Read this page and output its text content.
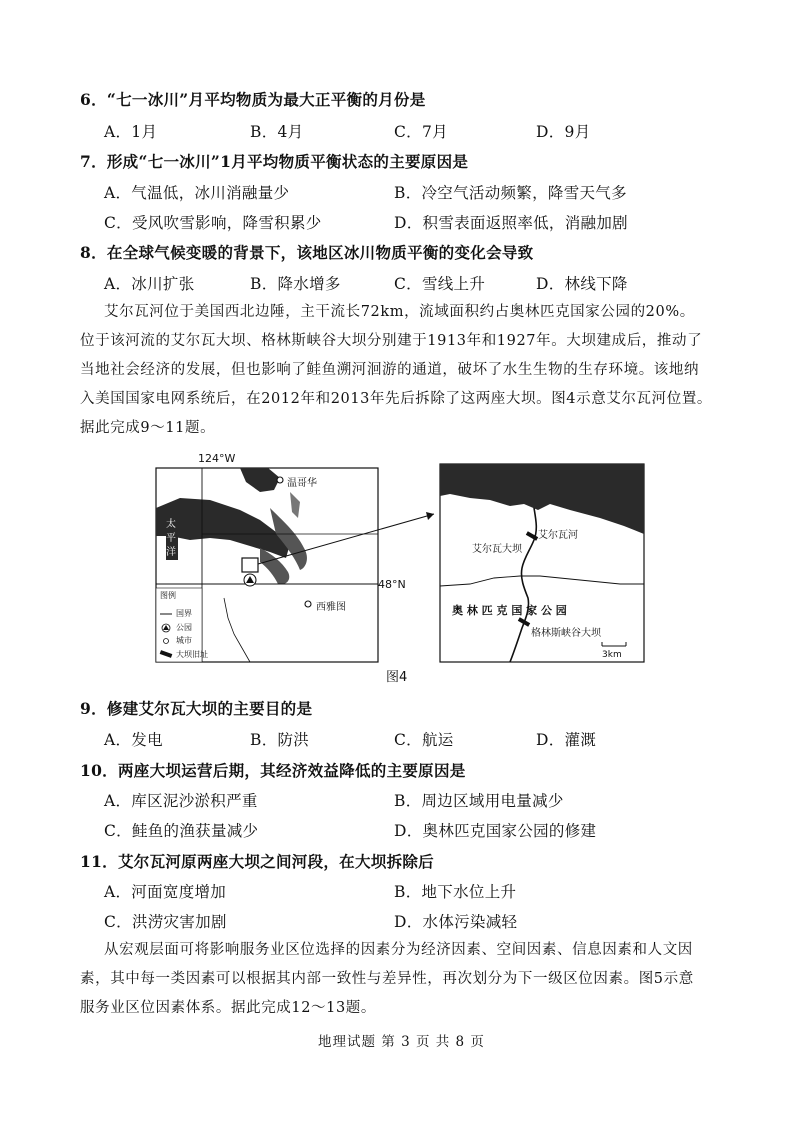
6．“七一冰川”月平均物质为最大正平衡的月份是
A．1月	B．4月	C．7月	D．9月
7．形成“七一冰川”1月平均物质平衡状态的主要原因是
A．气温低，冰川消融量少	B．冷空气活动频繁，降雪天气多
C．受风吹雪影响，降雪积累少	D．积雪表面返照率低，消融加剧
8．在全球气候变暖的背景下，该地区冰川物质平衡的变化会导致
A．冰川扩张	B．降水增多	C．雪线上升	D．林线下降
艾尔瓦河位于美国西北边陲，主干流长72km，流域面积约占奥林匹克国家公园的20%。
位于该河流的艾尔瓦大坝、格林斯峡谷大坝分别建于1913年和1927年。大坝建成后，推动了
当地社会经济的发展，但也影响了鲑鱼溯河洄游的通道，破坏了水生生物的生存环境。该地纳
入美国国家电网系统后，在2012年和2013年先后拆除了这两座大坝。图4示意艾尔瓦河位置。
据此完成9～11题。
124°W
48°N
温哥华
西雅图
太
平
洋
图例
国界
公园
城市
大坝旧址
艾尔瓦河
艾尔瓦大坝
奥 林 匹 克 国 家 公 园
格林斯峡谷大坝
3km
图4
9．修建艾尔瓦大坝的主要目的是
A．发电	B．防洪	C．航运	D．灌溉
10．两座大坝运营后期，其经济效益降低的主要原因是
A．库区泥沙淤积严重	B．周边区域用电量减少
C．鲑鱼的渔获量减少	D．奥林匹克国家公园的修建
11．艾尔瓦河原两座大坝之间河段，在大坝拆除后
A．河面宽度增加	B．地下水位上升
C．洪涝灾害加剧	D．水体污染减轻
从宏观层面可将影响服务业区位选择的因素分为经济因素、空间因素、信息因素和人文因
素，其中每一类因素可以根据其内部一致性与差异性，再次划分为下一级区位因素。图5示意
服务业区位因素体系。据此完成12～13题。
地理试题 第 3 页 共 8 页
